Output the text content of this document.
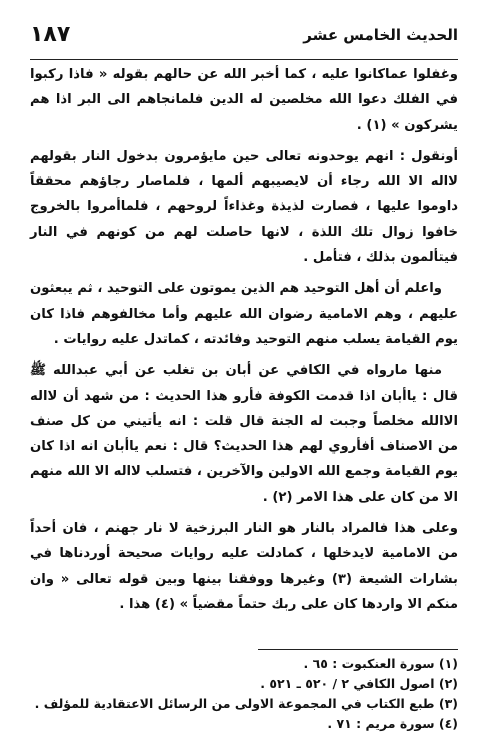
الحديث الخامس عشر
١٨٧

وغفلوا عماكانوا عليه ، كما أخبر الله عن حالهم بقوله « فاذا ركبوا في الفلك دعوا الله مخلصين له الدين فلمانجاهم الى البر اذا هم يشركون » (١) .

أونقول : انهم يوحدونه تعالى حين مايؤمرون بدخول النار بقولهم لااله الا الله رجاء أن لايصيبهم ألمها ، فلماصار رجاؤهم محققاً داوموا عليها ، فصارت لذيذة وغذاءاً لروحهم ، فلماأمروا بالخروج خافوا زوال تلك اللذة ، لانها حاصلت لهم من كونهم في النار فيتألمون بذلك ، فتأمل .

واعلم أن أهل التوحيد هم الذين يموتون على التوحيد ، ثم يبعثون عليهم ، وهم الامامية رضوان الله عليهم وأما مخالفوهم فاذا كان يوم القيامة يسلب منهم التوحيد وفائدته ، كماتدل عليه روايات .

منها مارواه في الكافي عن أبان بن تغلب عن أبي عبدالله ﷺ قال : ياأبان اذا قدمت الكوفة فأرو هذا الحديث : من شهد أن لااله الاالله مخلصاً وجبت له الجنة قال قلت : انه يأتيني من كل صنف من الاصناف أفأروي لهم هذا الحديث؟ قال : نعم ياأبان انه اذا كان يوم القيامة وجمع الله الاولين والآخرين ، فتسلب لااله الا الله منهم الا من كان على هذا الامر (٢) .

وعلى هذا فالمراد بالنار هو النار البرزخية لا نار جهنم ، فان أحداً من الامامية لايدخلها ، كمادلت عليه روايات صحيحة أوردناها في بشارات الشيعة (٣) وغيرها ووفقنا بينها وبين قوله تعالى « وان منكم الا واردها كان على ربك حتماً مقضياً » (٤) هذا .

(١) سورة العنكبوت : ٦٥ .
(٢) اصول الكافي ٢ / ٥٢٠ ـ ٥٢١ .
(٣) طبع الكتاب في المجموعة الاولى من الرسائل الاعتقادية للمؤلف .
(٤) سورة مريم : ٧١ .
